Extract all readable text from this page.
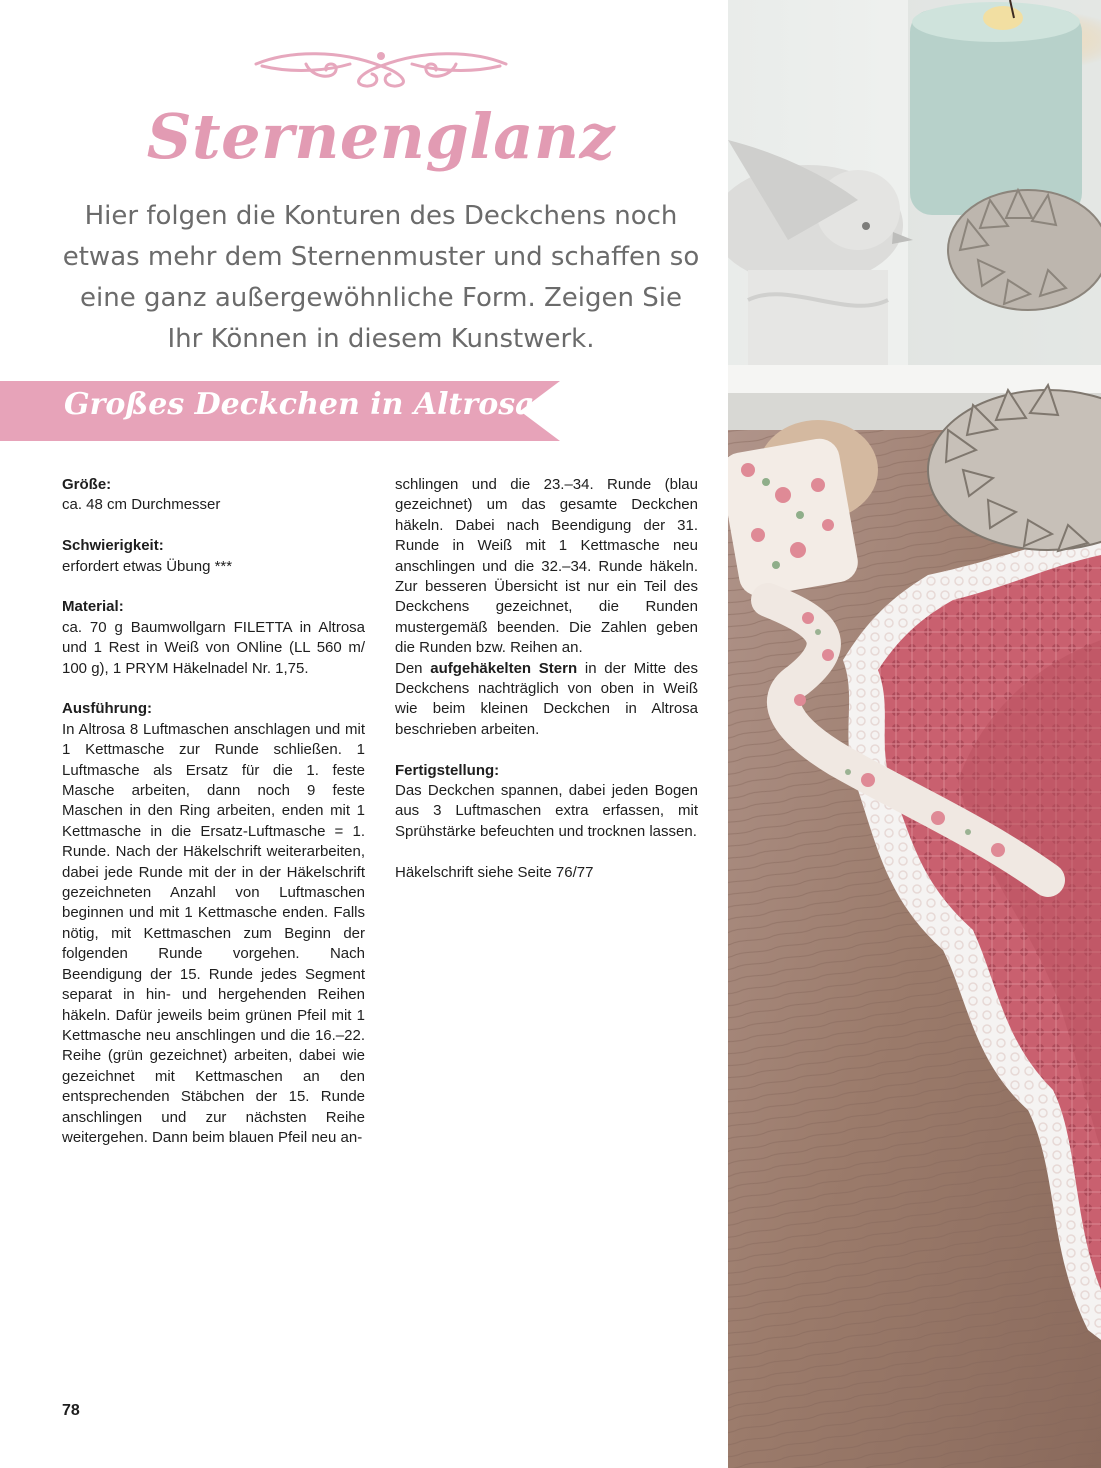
Sternenglanz

Hier folgen die Konturen des Deckchens noch etwas mehr dem Sternenmuster und schaffen so eine ganz außergewöhnliche Form. Zeigen Sie Ihr Können in diesem Kunstwerk.

Großes Deckchen in Altrosa

Größe:

ca. 48 cm Durchmesser

Schwierigkeit:

erfordert etwas Übung ***

Material:

ca. 70 g Baumwollgarn FILETTA in Altrosa und 1 Rest in Weiß von ONline (LL 560 m/ 100 g), 1 PRYM Häkelnadel Nr. 1,75.

Ausführung:

In Altrosa 8 Luftmaschen anschlagen und mit 1 Kettmasche zur Runde schließen. 1 Luftmasche als Ersatz für die 1. feste Masche arbeiten, dann noch 9 feste Maschen in den Ring arbeiten, enden mit 1 Kettmasche in die Ersatz-Luftmasche = 1. Runde. Nach der Häkelschrift weiterarbeiten, dabei jede Runde mit der in der Häkelschrift gezeichneten Anzahl von Luftmaschen beginnen und mit 1 Kettmasche enden. Falls nötig, mit Kettmaschen zum Beginn der folgenden Runde vorgehen. Nach Beendigung der 15. Runde jedes Segment separat in hin- und hergehenden Reihen häkeln. Dafür jeweils beim grünen Pfeil mit 1 Kettmasche neu anschlingen und die 16.–22. Reihe (grün gezeichnet) arbeiten, dabei wie gezeichnet mit Kettmaschen an den entsprechenden Stäbchen der 15. Runde anschlingen und zur nächsten Reihe weitergehen. Dann beim blauen Pfeil neu an-

schlingen und die 23.–34. Runde (blau gezeichnet) um das gesamte Deckchen häkeln. Dabei nach Beendigung der 31. Runde in Weiß mit 1 Kettmasche neu anschlingen und die 32.–34. Runde häkeln. Zur besseren Übersicht ist nur ein Teil des Deckchens gezeichnet, die Runden mustergemäß beenden. Die Zahlen geben die Runden bzw. Reihen an.

Den aufgehäkelten Stern in der Mitte des Deckchens nachträglich von oben in Weiß wie beim kleinen Deckchen in Altrosa beschrieben arbeiten.

Fertigstellung:

Das Deckchen spannen, dabei jeden Bogen aus 3 Luftmaschen extra erfassen, mit Sprühstärke befeuchten und trocknen lassen.

Häkelschrift siehe Seite 76/77

78
